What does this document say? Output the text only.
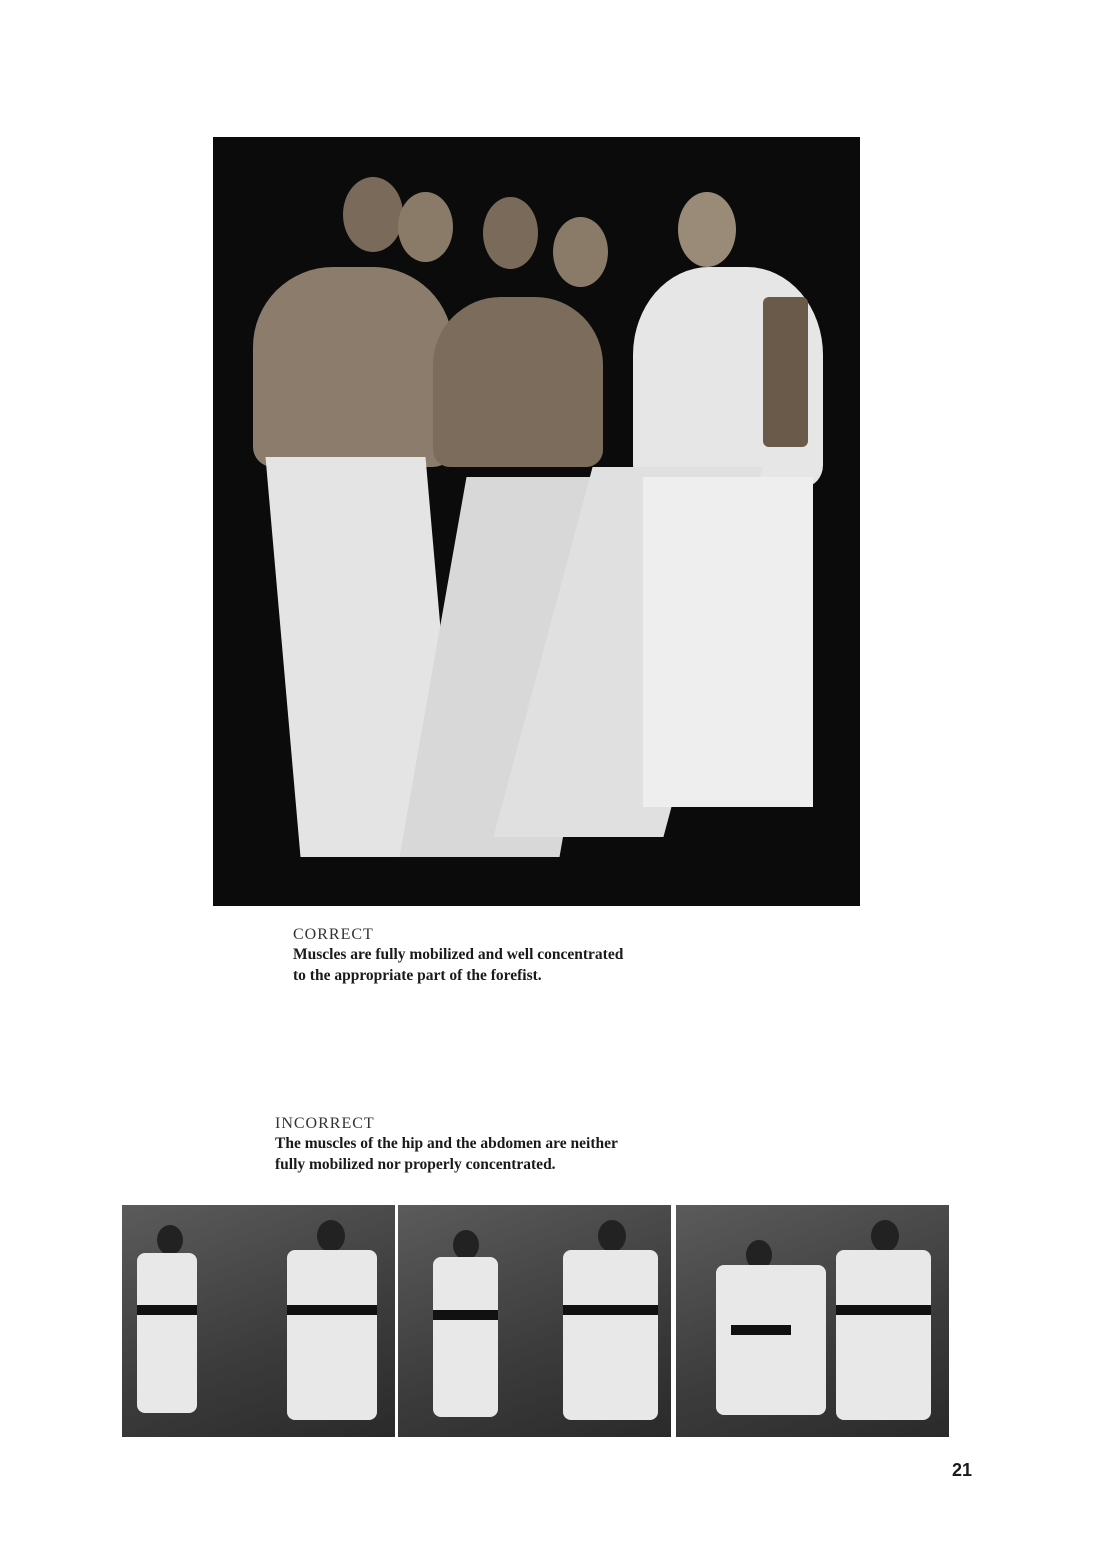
CORRECT
Muscles are fully mobilized and well concentrated
to the appropriate part of the forefist.
INCORRECT
The muscles of the hip and the abdomen are neither
fully mobilized nor properly concentrated.
21
